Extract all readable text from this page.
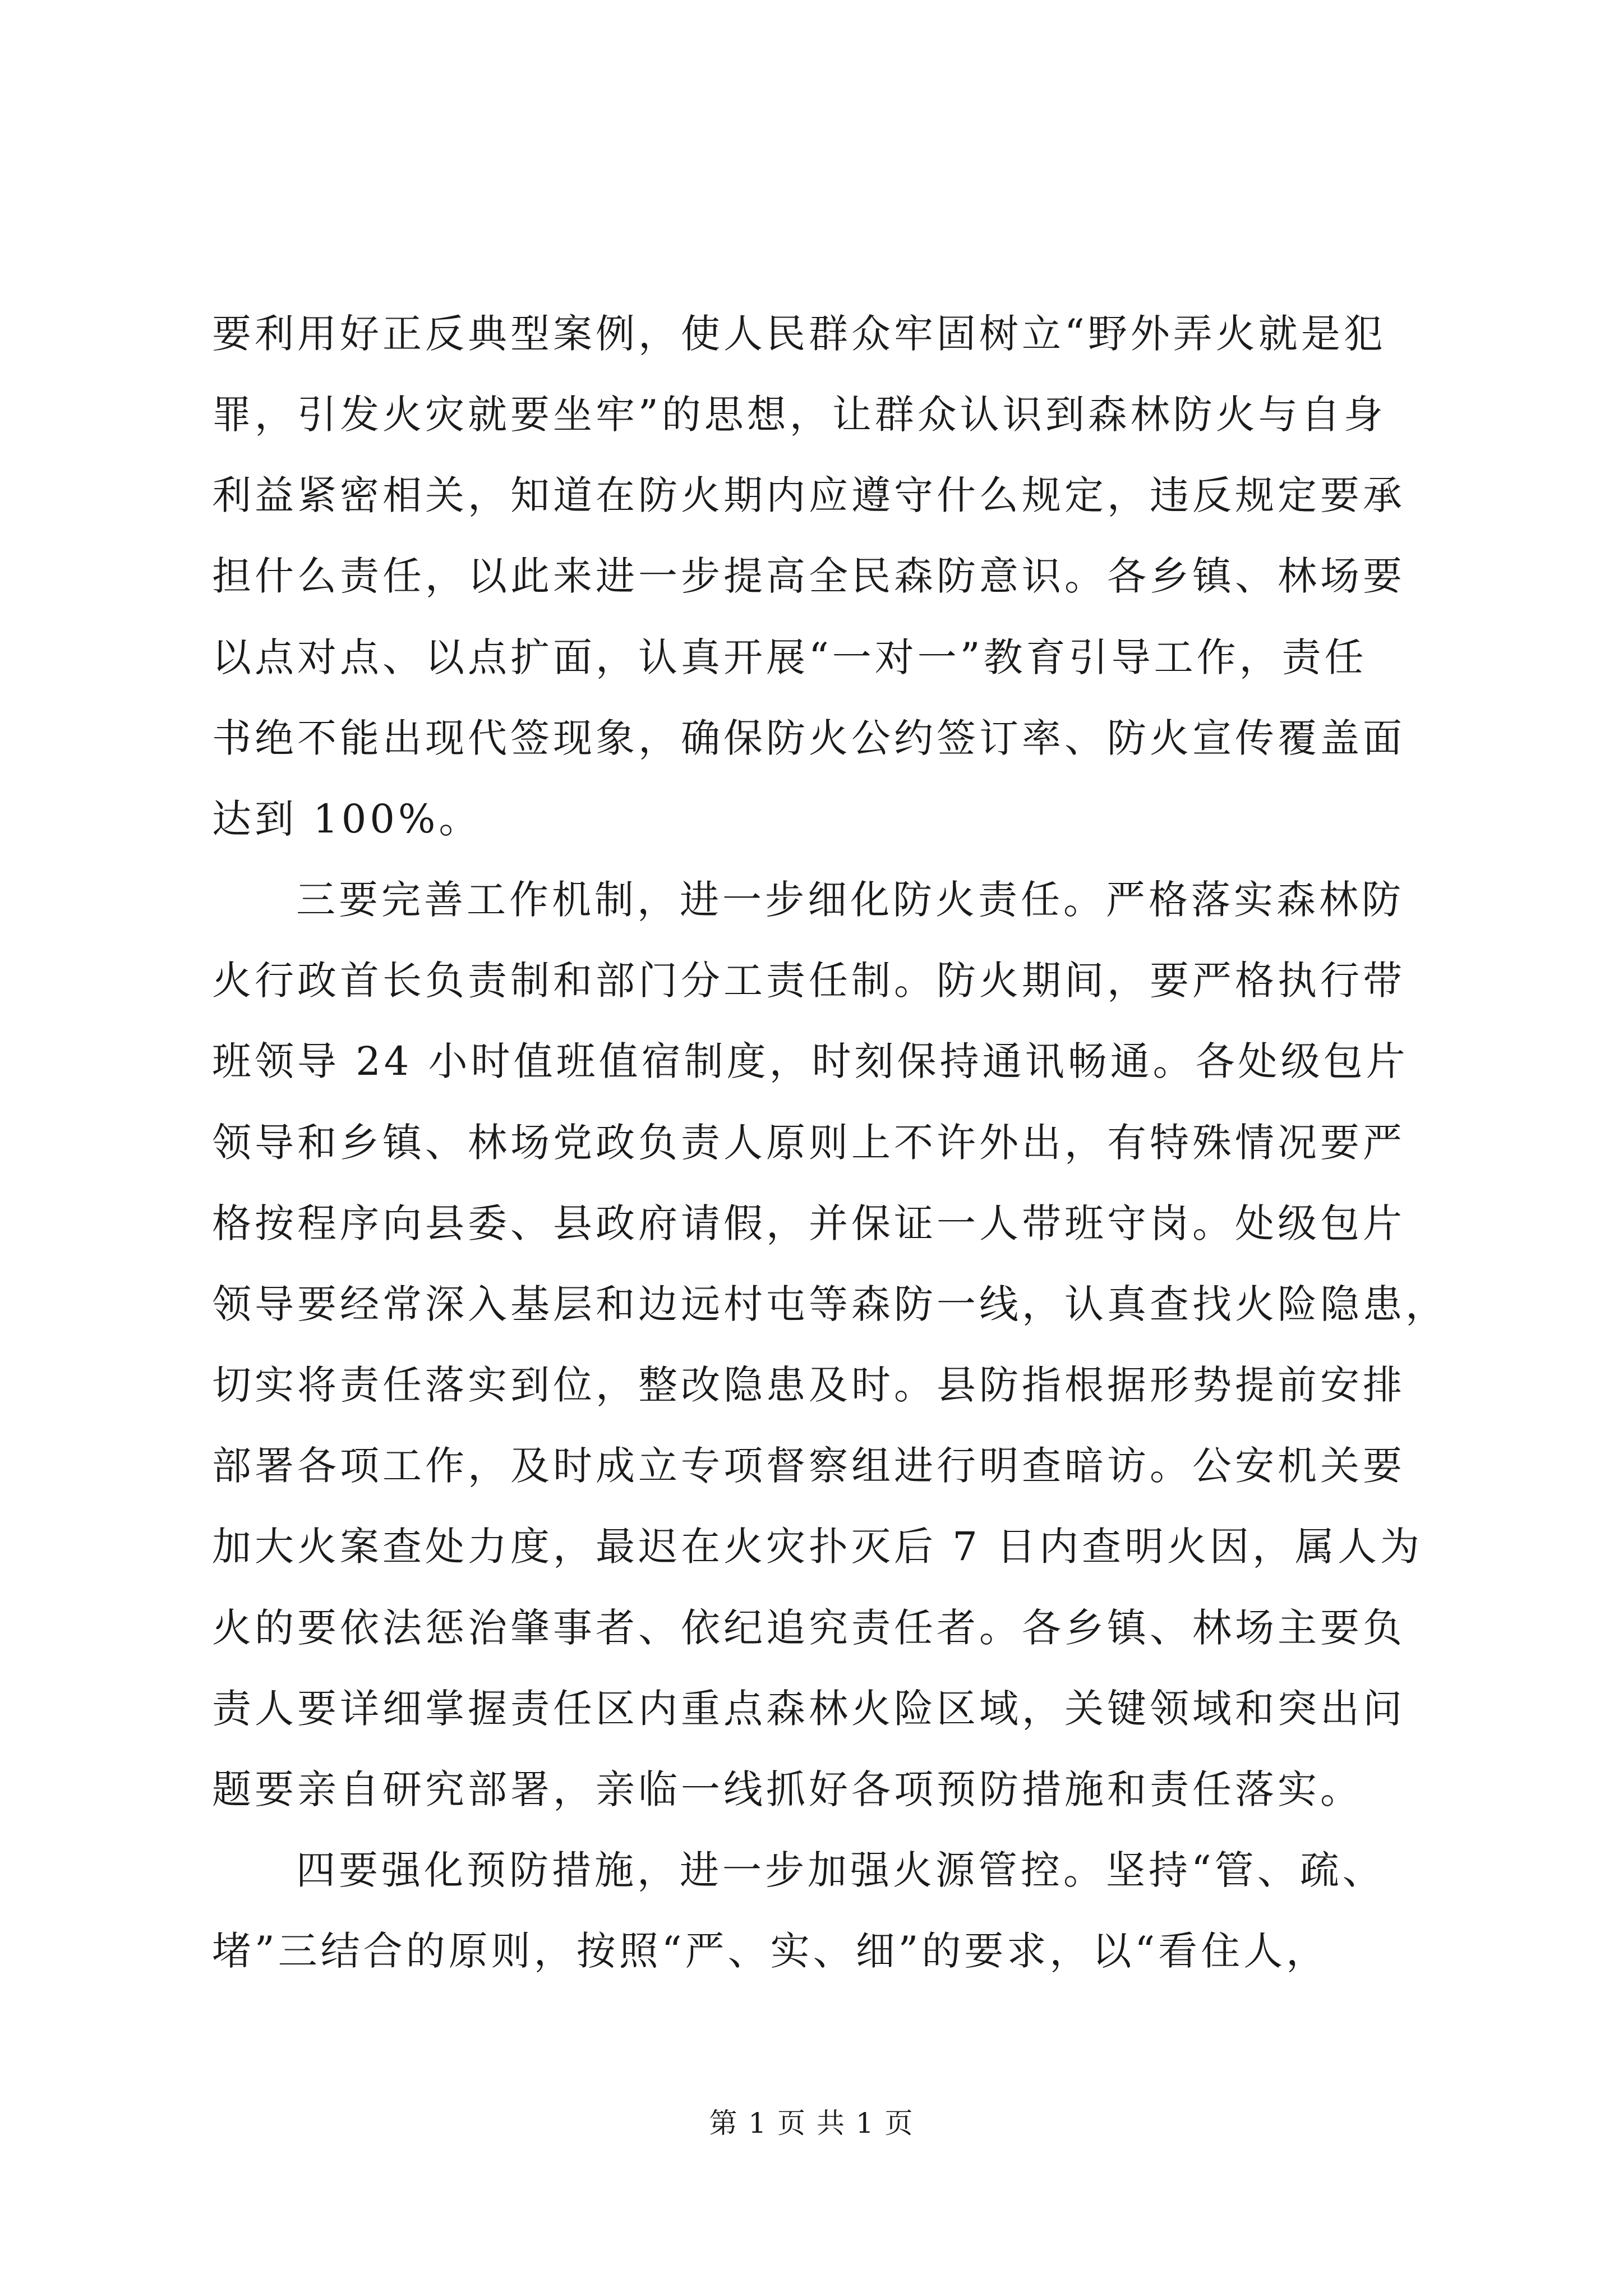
要利用好正反典型案例，使人民群众牢固树立“野外弄火就是犯
罪，引发火灾就要坐牢”的思想，让群众认识到森林防火与自身
利益紧密相关，知道在防火期内应遵守什么规定，违反规定要承
担什么责任，以此来进一步提高全民森防意识。各乡镇、林场要
以点对点、以点扩面，认真开展“一对一”教育引导工作，责任
书绝不能出现代签现象，确保防火公约签订率、防火宣传覆盖面
达到 100%。
三要完善工作机制，进一步细化防火责任。严格落实森林防
火行政首长负责制和部门分工责任制。防火期间，要严格执行带
班领导 24 小时值班值宿制度，时刻保持通讯畅通。各处级包片
领导和乡镇、林场党政负责人原则上不许外出，有特殊情况要严
格按程序向县委、县政府请假，并保证一人带班守岗。处级包片
领导要经常深入基层和边远村屯等森防一线，认真查找火险隐患，
切实将责任落实到位，整改隐患及时。县防指根据形势提前安排
部署各项工作，及时成立专项督察组进行明查暗访。公安机关要
加大火案查处力度，最迟在火灾扑灭后 7 日内查明火因，属人为
火的要依法惩治肇事者、依纪追究责任者。各乡镇、林场主要负
责人要详细掌握责任区内重点森林火险区域，关键领域和突出问
题要亲自研究部署，亲临一线抓好各项预防措施和责任落实。
四要强化预防措施，进一步加强火源管控。坚持“管、疏、
堵”三结合的原则，按照“严、实、细”的要求，以“看住人，
第 1 页 共 1 页
